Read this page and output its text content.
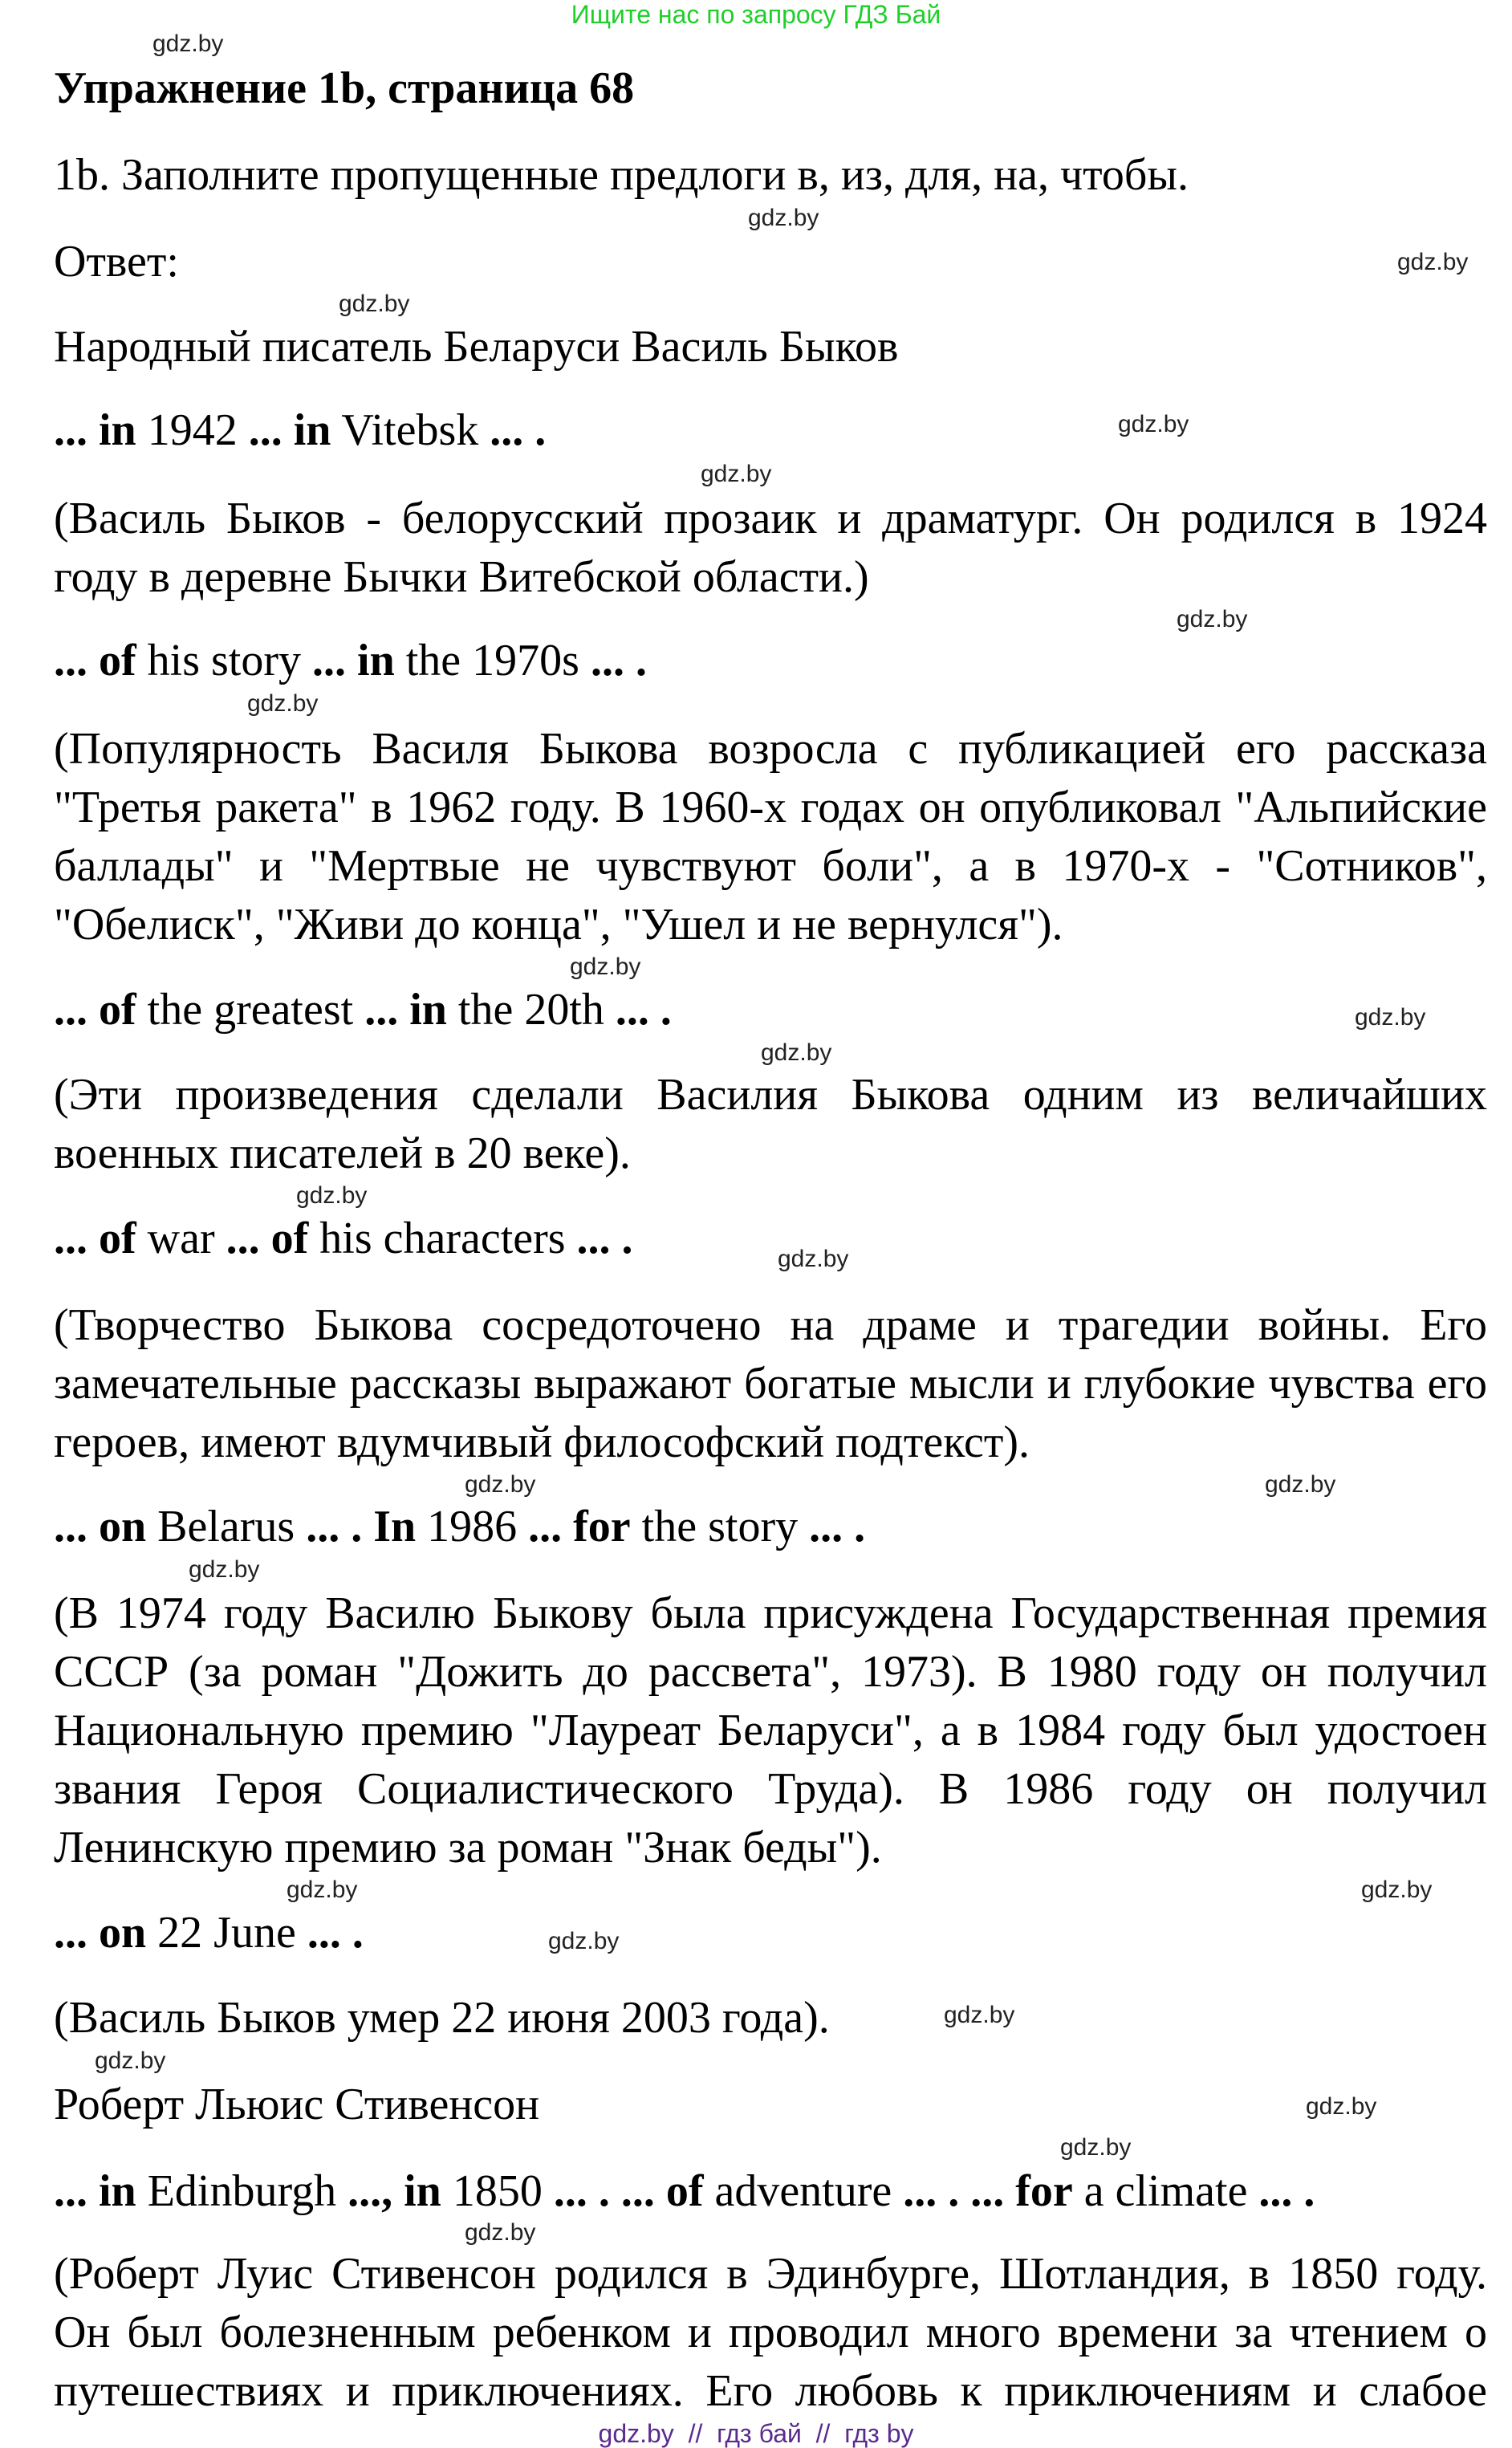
Ищите нас по запросу ГДЗ Бай
Упражнение 1b, страница 68
1b. Заполните пропущенные предлоги в, из, для, на, чтобы.
Ответ:
Народный писатель Беларуси Василь Быков
... in 1942 ... in Vitebsk ... .
(Василь Быков - белорусский прозаик и драматург. Он родился в 1924 году в деревне Бычки Витебской области.)
... of his story ... in the 1970s ... .
(Популярность Василя Быкова возросла с публикацией его рассказа "Третья ракета" в 1962 году. В 1960-х годах он опубликовал "Альпийские баллады" и "Мертвые не чувствуют боли", а в 1970-х - "Сотников", "Обелиск", "Живи до конца", "Ушел и не вернулся").
... of the greatest ... in the 20th ... .
(Эти произведения сделали Василия Быкова одним из величайших военных писателей в 20 веке).
... of war ... of his characters ... .
(Творчество Быкова сосредоточено на драме и трагедии войны. Его замечательные рассказы выражают богатые мысли и глубокие чувства его героев, имеют вдумчивый философский подтекст).
... on Belarus ... . In 1986 ... for the story ... .
(В 1974 году Василю Быкову была присуждена Государственная премия СССР (за роман "Дожить до рассвета", 1973). В 1980 году он получил Национальную премию "Лауреат Беларуси", а в 1984 году был удостоен звания Героя Социалистического Труда). В 1986 году он получил Ленинскую премию за роман "Знак беды").
... on 22 June ... .
(Василь Быков умер 22 июня 2003 года).
Роберт Льюис Стивенсон
... in Edinburgh ..., in 1850 ... . ... of adventure ... . ... for a climate ... .
(Роберт Луис Стивенсон родился в Эдинбурге, Шотландия, в 1850 году. Он был болезненным ребенком и проводил много времени за чтением о путешествиях и приключениях. Его любовь к приключениям и слабое
gdz.by
gdz.by
gdz.by
gdz.by
gdz.by
gdz.by
gdz.by
gdz.by
gdz.by
gdz.by
gdz.by
gdz.by
gdz.by
gdz.by
gdz.by
gdz.by
gdz.by
gdz.by
gdz.by
gdz.by
gdz.by
gdz.by
gdz.by
gdz.by
gdz.by  //  гдз бай  //  гдз by
